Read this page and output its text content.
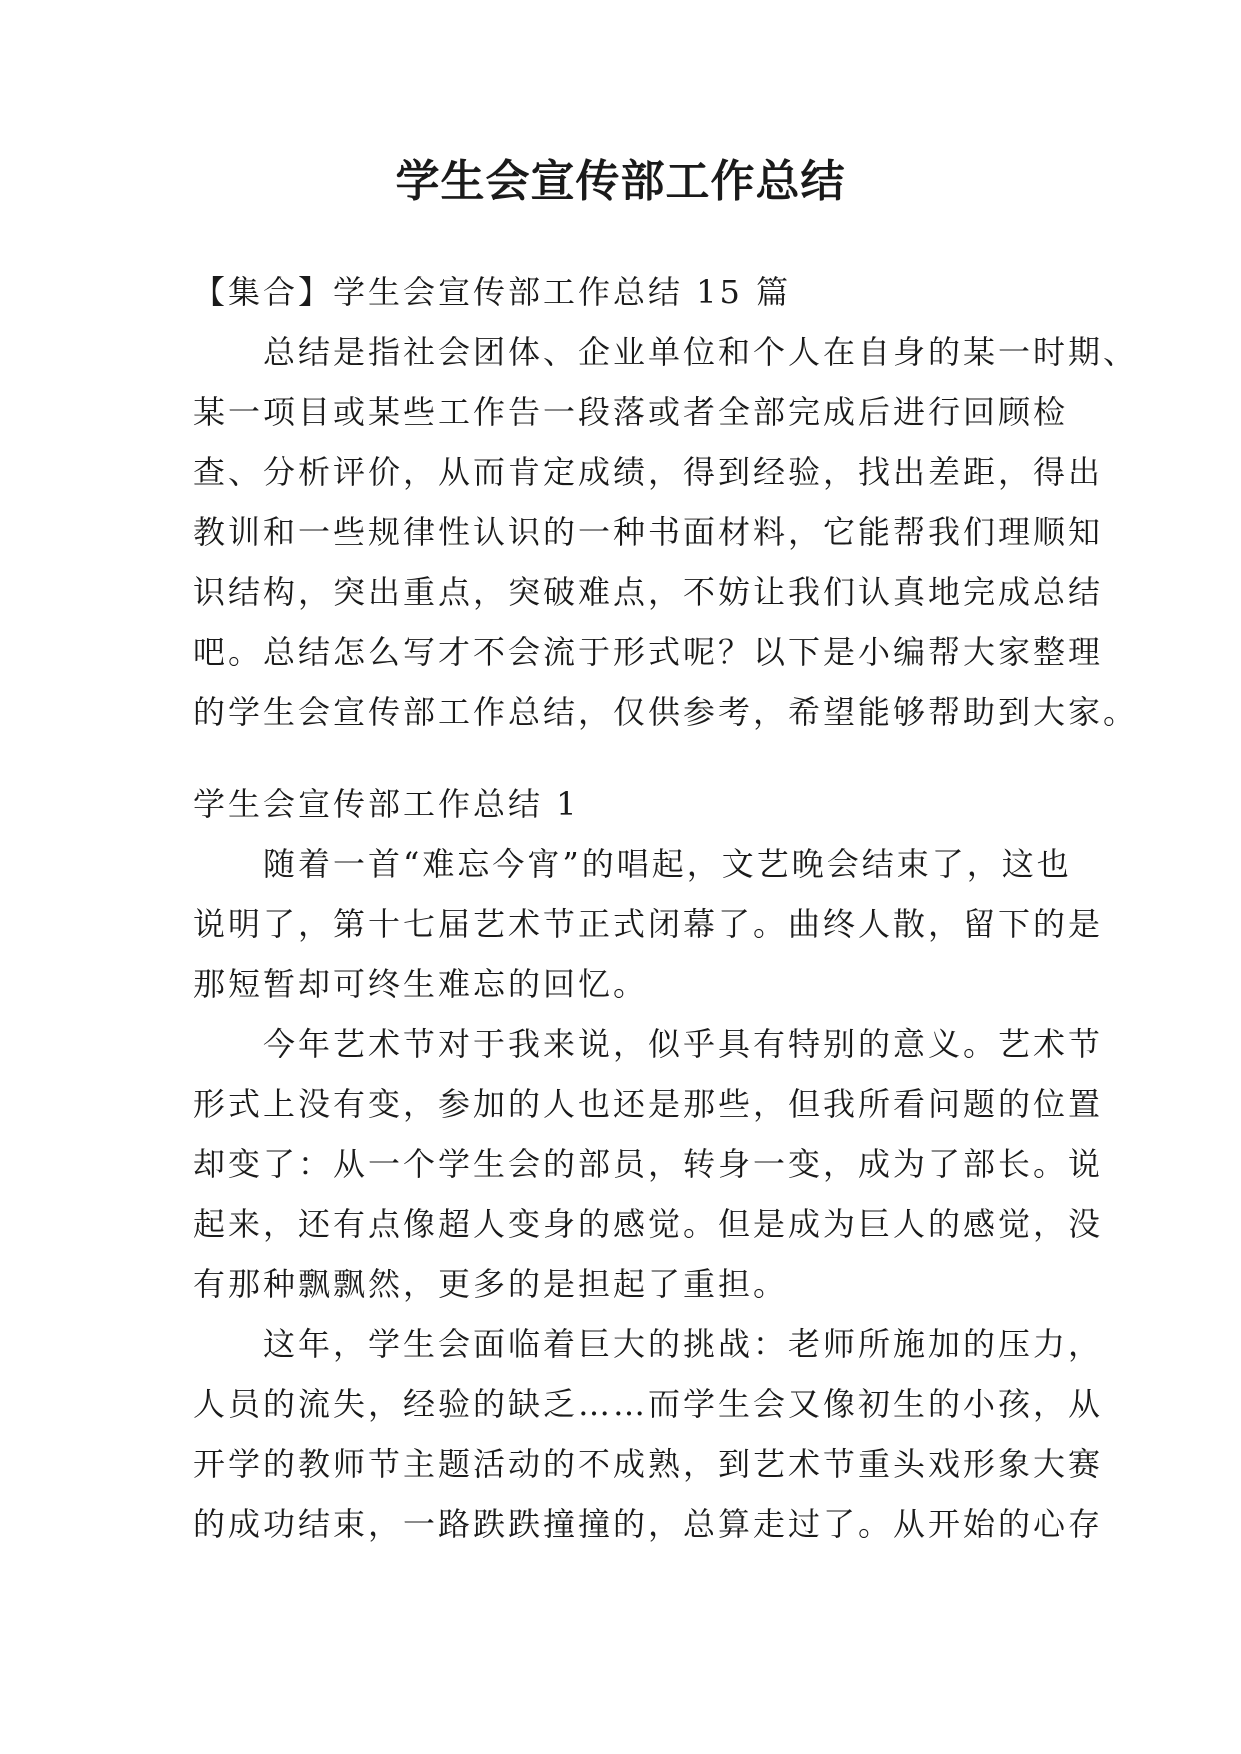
学生会宣传部工作总结
【集合】学生会宣传部工作总结 15 篇
总结是指社会团体、企业单位和个人在自身的某一时期、
某一项目或某些工作告一段落或者全部完成后进行回顾检
查、分析评价，从而肯定成绩，得到经验，找出差距，得出
教训和一些规律性认识的一种书面材料，它能帮我们理顺知
识结构，突出重点，突破难点，不妨让我们认真地完成总结
吧。总结怎么写才不会流于形式呢？以下是小编帮大家整理
的学生会宣传部工作总结，仅供参考，希望能够帮助到大家。
学生会宣传部工作总结 1
随着一首“难忘今宵”的唱起，文艺晚会结束了，这也
说明了，第十七届艺术节正式闭幕了。曲终人散，留下的是
那短暂却可终生难忘的回忆。
今年艺术节对于我来说，似乎具有特别的意义。艺术节
形式上没有变，参加的人也还是那些，但我所看问题的位置
却变了：从一个学生会的部员，转身一变，成为了部长。说
起来，还有点像超人变身的感觉。但是成为巨人的感觉，没
有那种飘飘然，更多的是担起了重担。
这年，学生会面临着巨大的挑战：老师所施加的压力，
人员的流失，经验的缺乏……而学生会又像初生的小孩，从
开学的教师节主题活动的不成熟，到艺术节重头戏形象大赛
的成功结束，一路跌跌撞撞的，总算走过了。从开始的心存
